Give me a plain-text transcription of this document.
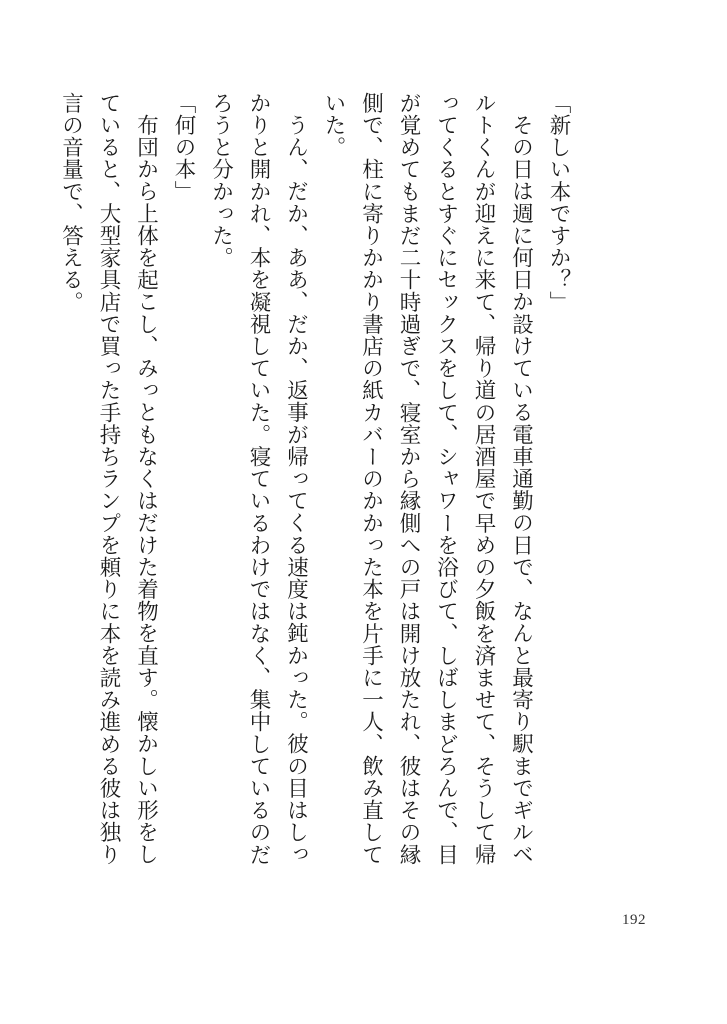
「新しい本ですか？」

その日は週に何日か設けている電車通勤の日で、なんと最寄り駅までギルベルトくんが迎えに来て、帰り道の居酒屋で早めの夕飯を済ませて、そうして帰ってくるとすぐにセックスをして、シャワーを浴びて、しばしまどろんで、目が覚めてもまだ二十時過ぎで、寝室から縁側への戸は開け放たれ、彼はその縁側で、柱に寄りかかり書店の紙カバーのかかった本を片手に一人、飲み直していた。

うん、だか、ああ、だか、返事が帰ってくる速度は鈍かった。彼の目はしっかりと開かれ、本を凝視していた。寝ているわけではなく、集中しているのだろうと分かった。

「何の本」

布団から上体を起こし、みっともなくはだけた着物を直す。懐かしい形をしていると、大型家具店で買った手持ちランプを頼りに本を読み進める彼は独り言の音量で、答える。

192
